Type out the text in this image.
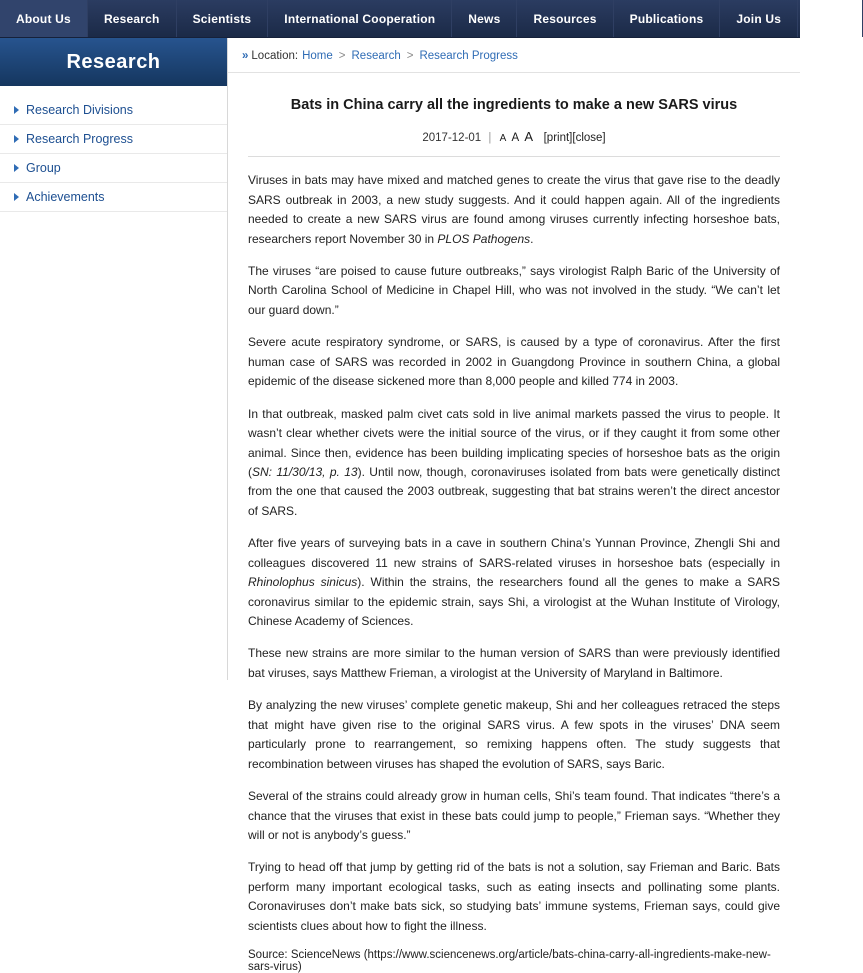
About Us	Research	Scientists	International Cooperation	News	Resources	Publications	Join Us	Links
Research
Research Divisions
Research Progress
Group
Achievements
» Location: Home > Research > Research Progress
Bats in China carry all the ingredients to make a new SARS virus
2017-12-01 | A A A [print][close]

Viruses in bats may have mixed and matched genes to create the virus that gave rise to the deadly SARS outbreak in 2003, a new study suggests. And it could happen again. All of the ingredients needed to create a new SARS virus are found among viruses currently infecting horseshoe bats, researchers report November 30 in PLOS Pathogens.

The viruses “are poised to cause future outbreaks,” says virologist Ralph Baric of the University of North Carolina School of Medicine in Chapel Hill, who was not involved in the study. “We can’t let our guard down.”

Severe acute respiratory syndrome, or SARS, is caused by a type of coronavirus. After the first human case of SARS was recorded in 2002 in Guangdong Province in southern China, a global epidemic of the disease sickened more than 8,000 people and killed 774 in 2003.

In that outbreak, masked palm civet cats sold in live animal markets passed the virus to people. It wasn’t clear whether civets were the initial source of the virus, or if they caught it from some other animal. Since then, evidence has been building implicating species of horseshoe bats as the origin (SN: 11/30/13, p. 13). Until now, though, coronaviruses isolated from bats were genetically distinct from the one that caused the 2003 outbreak, suggesting that bat strains weren’t the direct ancestor of SARS.

After five years of surveying bats in a cave in southern China’s Yunnan Province, Zhengli Shi and colleagues discovered 11 new strains of SARS-related viruses in horseshoe bats (especially in Rhinolophus sinicus). Within the strains, the researchers found all the genes to make a SARS coronavirus similar to the epidemic strain, says Shi, a virologist at the Wuhan Institute of Virology, Chinese Academy of Sciences.

These new strains are more similar to the human version of SARS than were previously identified bat viruses, says Matthew Frieman, a virologist at the University of Maryland in Baltimore.

By analyzing the new viruses’ complete genetic makeup, Shi and her colleagues retraced the steps that might have given rise to the original SARS virus. A few spots in the viruses’ DNA seem particularly prone to rearrangement, so remixing happens often. The study suggests that recombination between viruses has shaped the evolution of SARS, says Baric.

Several of the strains could already grow in human cells, Shi’s team found. That indicates “there’s a chance that the viruses that exist in these bats could jump to people,” Frieman says. “Whether they will or not is anybody’s guess.”

Trying to head off that jump by getting rid of the bats is not a solution, say Frieman and Baric. Bats perform many important ecological tasks, such as eating insects and pollinating some plants. Coronaviruses don’t make bats sick, so studying bats’ immune systems, Frieman says, could give scientists clues about how to fight the illness.

Source: ScienceNews (https://www.sciencenews.org/article/bats-china-carry-all-ingredients-make-new-sars-virus)
